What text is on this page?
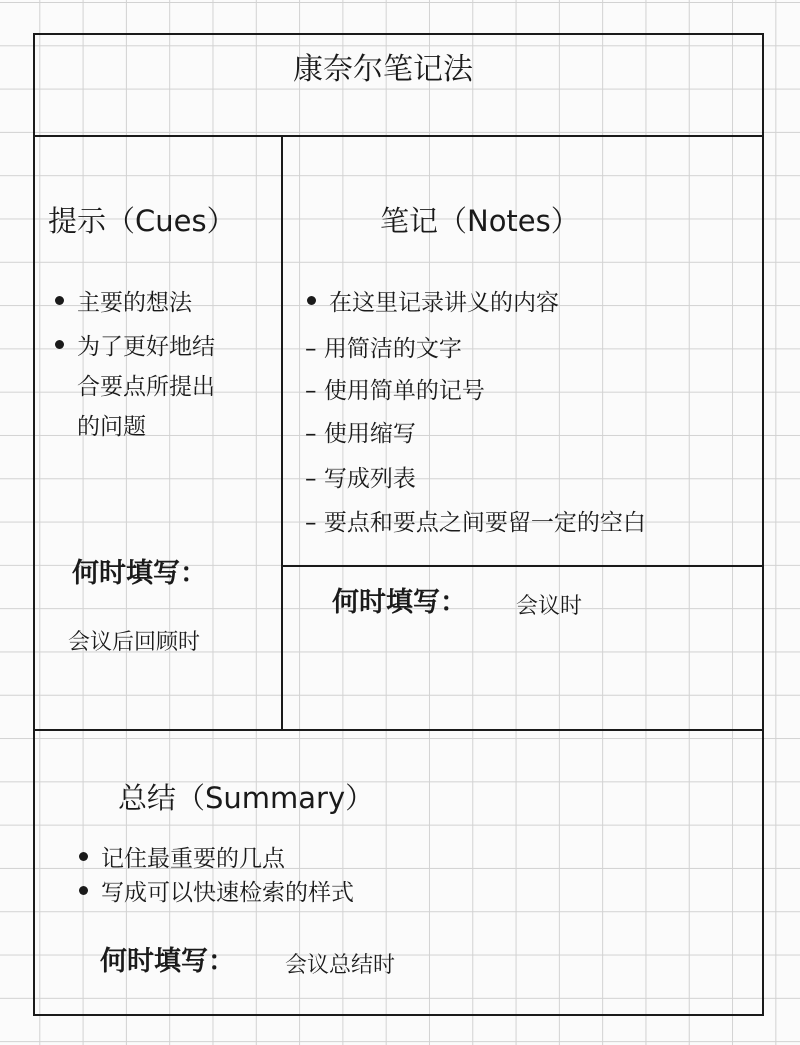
康奈尔笔记法
提示（Cues）
主要的想法
为了更好地结
合要点所提出
的问题
何时填写：
会议后回顾时
笔记（Notes）
在这里记录讲义的内容
– 用简洁的文字
– 使用简单的记号
– 使用缩写
– 写成列表
– 要点和要点之间要留一定的空白
何时填写： 会议时
总结（Summary）
记住最重要的几点
写成可以快速检索的样式
何时填写： 会议总结时
